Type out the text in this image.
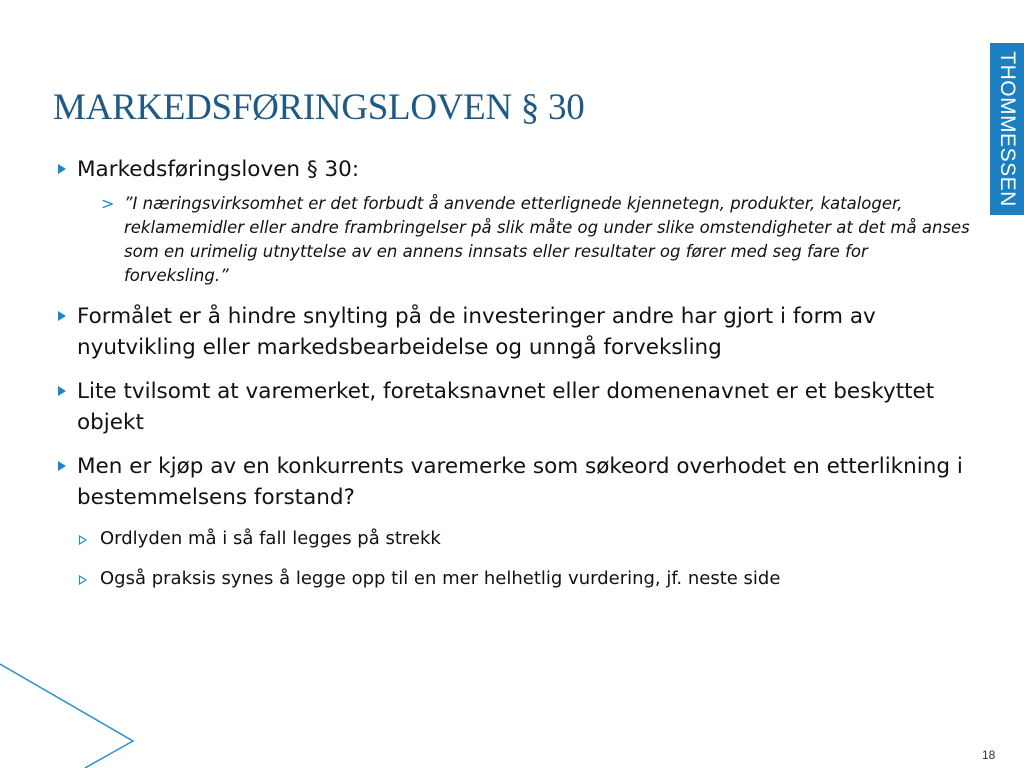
MARKEDSFØRINGSLOVEN § 30	THOMMESSEN
Markedsføringsloven § 30:
> ”I næringsvirksomhet er det forbudt å anvende etterlignede kjennetegn, produkter, kataloger, reklamemidler eller andre frambringelser på slik måte og under slike omstendigheter at det må anses som en urimelig utnyttelse av en annens innsats eller resultater og fører med seg fare for forveksling.”
Formålet er å hindre snylting på de investeringer andre har gjort i form av nyutvikling eller markedsbearbeidelse og unngå forveksling
Lite tvilsomt at varemerket, foretaksnavnet eller domenenavnet er et beskyttet objekt
Men er kjøp av en konkurrents varemerke som søkeord overhodet en etterlikning i bestemmelsens forstand?
Ordlyden må i så fall legges på strekk
Også praksis synes å legge opp til en mer helhetlig vurdering, jf. neste side
18
